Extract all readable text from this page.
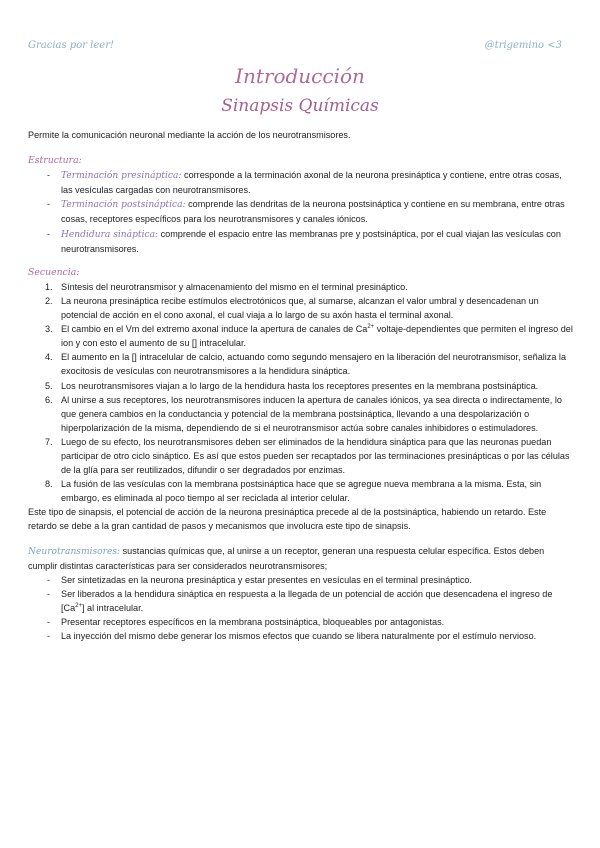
Gracias por leer!	@trigemino <3
Introducción
Sinapsis Químicas

Permite la comunicación neuronal mediante la acción de los neurotransmisores.

Estructura:
- Terminación presináptica: corresponde a la terminación axonal de la neurona presináptica y contiene, entre otras cosas, las vesículas cargadas con neurotransmisores.
- Terminación postsináptica: comprende las dendritas de la neurona postsináptica y contiene en su membrana, entre otras cosas, receptores específicos para los neurotransmisores y canales iónicos.
- Hendidura sináptica: comprende el espacio entre las membranas pre y postsináptica, por el cual viajan las vesículas con neurotransmisores.
Secuencia:
1. Síntesis del neurotransmisor y almacenamiento del mismo en el terminal presináptico.
2. La neurona presináptica recibe estímulos electrotónicos que, al sumarse, alcanzan el valor umbral y desencadenan un potencial de acción en el cono axonal, el cual viaja a lo largo de su axón hasta el terminal axonal.
3. El cambio en el Vm del extremo axonal induce la apertura de canales de $Ca^{2+}$ voltaje-dependientes que permiten el ingreso del ion y con esto el aumento de su [] intracelular.
4. El aumento en la [] intracelular de calcio, actuando como segundo mensajero en la liberación del neurotransmisor, señaliza la exocitosis de vesículas con neurotransmisores a la hendidura sináptica.
5. Los neurotransmisores viajan a lo largo de la hendidura hasta los receptores presentes en la membrana postsináptica.
6. Al unirse a sus receptores, los neurotransmisores inducen la apertura de canales iónicos, ya sea directa o indirectamente, lo que genera cambios en la conductancia y potencial de la membrana postsináptica, llevando a una despolarización o hiperpolarización de la misma, dependiendo de si el neurotransmisor actúa sobre canales inhibidores o estimuladores.
7. Luego de su efecto, los neurotransmisores deben ser eliminados de la hendidura sináptica para que las neuronas puedan participar de otro ciclo sináptico. Es así que estos pueden ser recaptados por las terminaciones presinápticas o por las células de la glía para ser reutilizados, difundir o ser degradados por enzimas.
8. La fusión de las vesículas con la membrana postsináptica hace que se agregue nueva membrana a la misma. Esta, sin embargo, es eliminada al poco tiempo al ser reciclada al interior celular.

Este tipo de sinapsis, el potencial de acción de la neurona presináptica precede al de la postsináptica, habiendo un retardo. Este retardo se debe a la gran cantidad de pasos y mecanismos que involucra este tipo de sinapsis.

Neurotransmisores: sustancias químicas que, al unirse a un receptor, generan una respuesta celular específica. Estos deben cumplir distintas características para ser considerados neurotransmisores;

- Ser sintetizadas en la neurona presináptica y estar presentes en vesículas en el terminal presináptico.
- Ser liberados a la hendidura sináptica en respuesta a la llegada de un potencial de acción que desencadena el ingreso de $[Ca^{2+}]$ al intracelular.
- Presentar receptores específicos en la membrana postsináptica, bloqueables por antagonistas.
- La inyección del mismo debe generar los mismos efectos que cuando se libera naturalmente por el estímulo nervioso.
